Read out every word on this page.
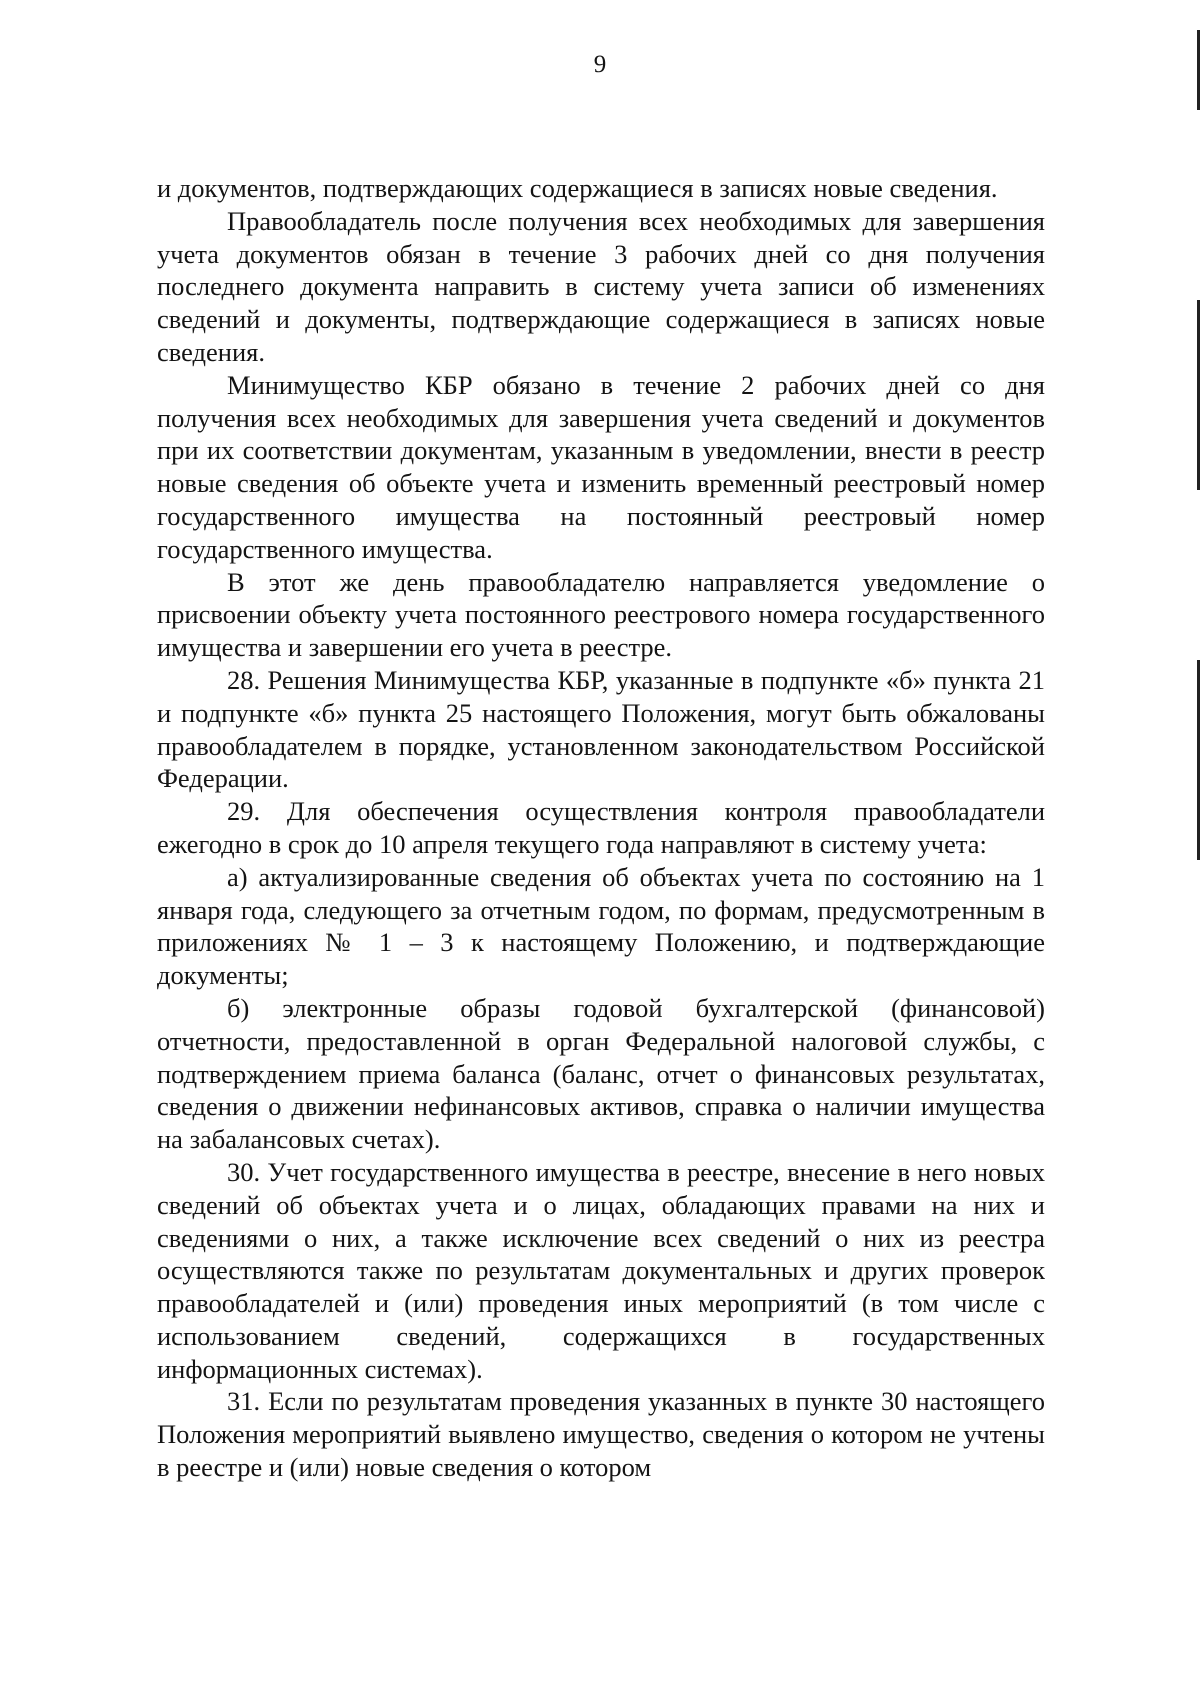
9

и документов, подтверждающих содержащиеся в записях новые сведения.

Правообладатель после получения всех необходимых для завершения учета документов обязан в течение 3 рабочих дней со дня получения последнего документа направить в систему учета записи об изменениях сведений и документы, подтверждающие содержащиеся в записях новые сведения.

Минимущество КБР обязано в течение 2 рабочих дней со дня получения всех необходимых для завершения учета сведений и документов при их соответствии документам, указанным в уведомлении, внести в реестр новые сведения об объекте учета и изменить временный реестровый номер государственного имущества на постоянный реестровый номер государственного имущества.

В этот же день правообладателю направляется уведомление о присвоении объекту учета постоянного реестрового номера государственного имущества и завершении его учета в реестре.

28. Решения Минимущества КБР, указанные в подпункте «б» пункта 21 и подпункте «б» пункта 25 настоящего Положения, могут быть обжалованы правообладателем в порядке, установленном законодательством Российской Федерации.

29. Для обеспечения осуществления контроля правообладатели ежегодно в срок до 10 апреля текущего года направляют в систему учета:

а) актуализированные сведения об объектах учета по состоянию на 1 января года, следующего за отчетным годом, по формам, предусмотренным в приложениях № 1 – 3 к настоящему Положению, и подтверждающие документы;

б) электронные образы годовой бухгалтерской (финансовой) отчетности, предоставленной в орган Федеральной налоговой службы, с подтверждением приема баланса (баланс, отчет о финансовых результатах, сведения о движении нефинансовых активов, справка о наличии имущества на забалансовых счетах).

30. Учет государственного имущества в реестре, внесение в него новых сведений об объектах учета и о лицах, обладающих правами на них и сведениями о них, а также исключение всех сведений о них из реестра осуществляются также по результатам документальных и других проверок правообладателей и (или) проведения иных мероприятий (в том числе с использованием сведений, содержащихся в государственных информационных системах).

31. Если по результатам проведения указанных в пункте 30 настоящего Положения мероприятий выявлено имущество, сведения о котором не учтены в реестре и (или) новые сведения о котором
